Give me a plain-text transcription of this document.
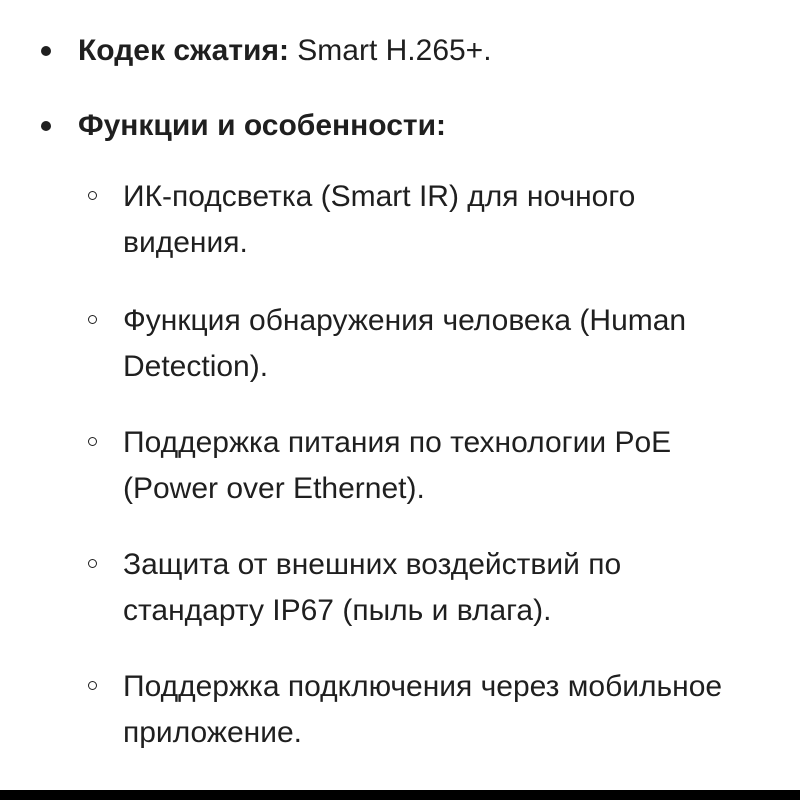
Кодек сжатия: Smart H.265+.
Функции и особенности:
ИК-подсветка (Smart IR) для ночного видения.
Функция обнаружения человека (Human Detection).
Поддержка питания по технологии PoE (Power over Ethernet).
Защита от внешних воздействий по стандарту IP67 (пыль и влага).
Поддержка подключения через мобильное приложение.
